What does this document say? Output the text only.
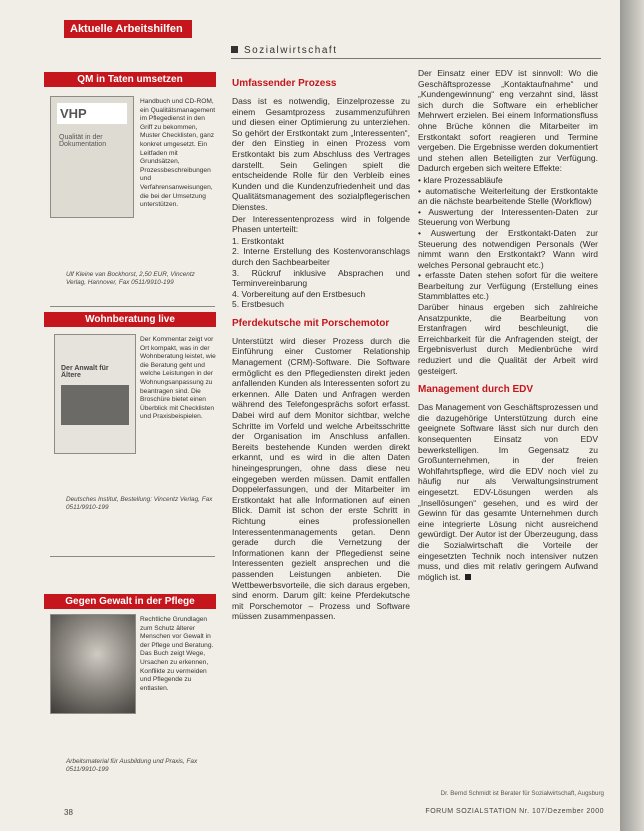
Aktuelle Arbeitshilfen
Sozialwirtschaft
QM in Taten umsetzen
VHP
Qualität in der Dokumentation
Handbuch und CD-ROM, ein Qualitätsmanagement im Pflegedienst in den Griff zu bekommen, Muster Checklisten, ganz konkret umgesetzt. Ein Leitfaden mit Grundsätzen, Prozessbeschreibungen und Verfahrensanweisungen, die bei der Umsetzung unterstützen.
Ulf Kleine van Bockhorst, 2,50 EUR, Vincentz Verlag, Hannover, Fax 0511/9910-199
Wohnberatung live
Der Anwalt für Ältere
Der Kommentar zeigt vor Ort kompakt, was in der Wohnberatung leistet, wie die Beratung geht und welche Leistungen in der Wohnungsanpassung zu beantragen sind. Die Broschüre bietet einen Überblick mit Checklisten und Praxisbeispielen.
Deutsches Institut, Bestellung: Vincentz Verlag, Fax 0511/9910-199
Gegen Gewalt in der Pflege
Rechtliche Grundlagen zum Schutz älterer Menschen vor Gewalt in der Pflege und Beratung. Das Buch zeigt Wege, Ursachen zu erkennen, Konflikte zu vermeiden und Pflegende zu entlasten.
Arbeitsmaterial für Ausbildung und Praxis, Fax 0511/9910-199
Umfassender Prozess

Dass ist es notwendig, Einzelprozesse zu einem Gesamtprozess zusammenzuführen und diesen einer Optimierung zu unterziehen. So gehört der Erstkontakt zum „Interessenten“, der den Einstieg in einen Prozess vom Erstkontakt bis zum Abschluss des Vertrages darstellt. Sein Gelingen spielt die entscheidende Rolle für den Verbleib eines Kunden und die Kundenzufriedenheit und das Qualitätsmanagement des sozialpflegerischen Dienstes.

Der Interessentenprozess wird in folgende Phasen unterteilt:

1. Erstkontakt
2. Interne Erstellung des Kostenvoranschlags durch den Sachbearbeiter
3. Rückruf inklusive Absprachen und Terminvereinbarung
4. Vorbereitung auf den Erstbesuch
5. Erstbesuch
Pferdekutsche mit Porschemotor

Unterstützt wird dieser Prozess durch die Einführung einer Customer Relationship Management (CRM)-Software. Die Software ermöglicht es den Pflegediensten direkt jeden anfallenden Kunden als Interessenten sofort zu erkennen. Alle Daten und Anfragen werden während des Telefongesprächs sofort erfasst. Dabei wird auf dem Monitor sichtbar, welche Schritte im Vorfeld und welche Arbeitsschritte der Organisation im Anschluss anfallen. Bereits bestehende Kunden werden direkt erkannt, und es wird in die alten Daten hineingesprungen, ohne dass diese neu eingegeben werden müssen. Damit entfallen Doppelerfassungen, und der Mitarbeiter im Erstkontakt hat alle Informationen auf einen Blick. Damit ist schon der erste Schritt in Richtung eines professionellen Interessentenmanagements getan. Denn gerade durch die Vernetzung der Informationen kann der Pflegedienst seine Interessenten gezielt ansprechen und die passenden Leistungen anbieten. Die Wettbewerbsvorteile, die sich daraus ergeben, sind enorm. Darum gilt: keine Pferdekutsche mit Porschemotor – Prozess und Software müssen zusammenpassen.

Der Einsatz einer EDV ist sinnvoll: Wo die Geschäftsprozesse „Kontaktaufnahme“ und „Kundengewinnung“ eng verzahnt sind, lässt sich durch die Software ein erheblicher Mehrwert erzielen. Bei einem Informationsfluss ohne Brüche können die Mitarbeiter im Erstkontakt sofort reagieren und Termine vergeben. Die Ergebnisse werden dokumentiert und stehen allen Beteiligten zur Verfügung. Dadurch ergeben sich weitere Effekte:

• klare Prozessabläufe
• automatische Weiterleitung der Erstkontakte an die nächste bearbeitende Stelle (Workflow)
• Auswertung der Interessenten-Daten zur Steuerung von Werbung
• Auswertung der Erstkontakt-Daten zur Steuerung des notwendigen Personals (Wer nimmt wann den Erstkontakt? Wann wird welches Personal gebraucht etc.)
• erfasste Daten stehen sofort für die weitere Bearbeitung zur Verfügung (Erstellung eines Stammblattes etc.)

Darüber hinaus ergeben sich zahlreiche Ansatzpunkte, die Bearbeitung von Erstanfragen wird beschleunigt, die Erreichbarkeit für die Anfragenden steigt, der Ergebnisverlust durch Medienbrüche wird reduziert und die Qualität der Arbeit wird gesteigert.

Management durch EDV

Das Management von Geschäftsprozessen und die dazugehörige Unterstützung durch eine geeignete Software lässt sich nur durch den konsequenten Einsatz von EDV bewerkstelligen. Im Gegensatz zu Großunternehmen, in der freien Wohlfahrtspflege, wird die EDV noch viel zu häufig nur als Verwaltungsinstrument eingesetzt. EDV-Lösungen werden als „Insellösungen“ gesehen, und es wird der Gewinn für das gesamte Unternehmen durch eine integrierte Lösung nicht ausreichend gewürdigt. Der Autor ist der Überzeugung, dass die Sozialwirtschaft die Vorteile der eingesetzten Technik noch intensiver nutzen muss, und dies mit relativ geringem Aufwand möglich ist.

Dr. Bernd Schmidt ist Berater für Sozialwirtschaft, Augsburg
38	FORUM SOZIALSTATION Nr. 107/Dezember 2000
